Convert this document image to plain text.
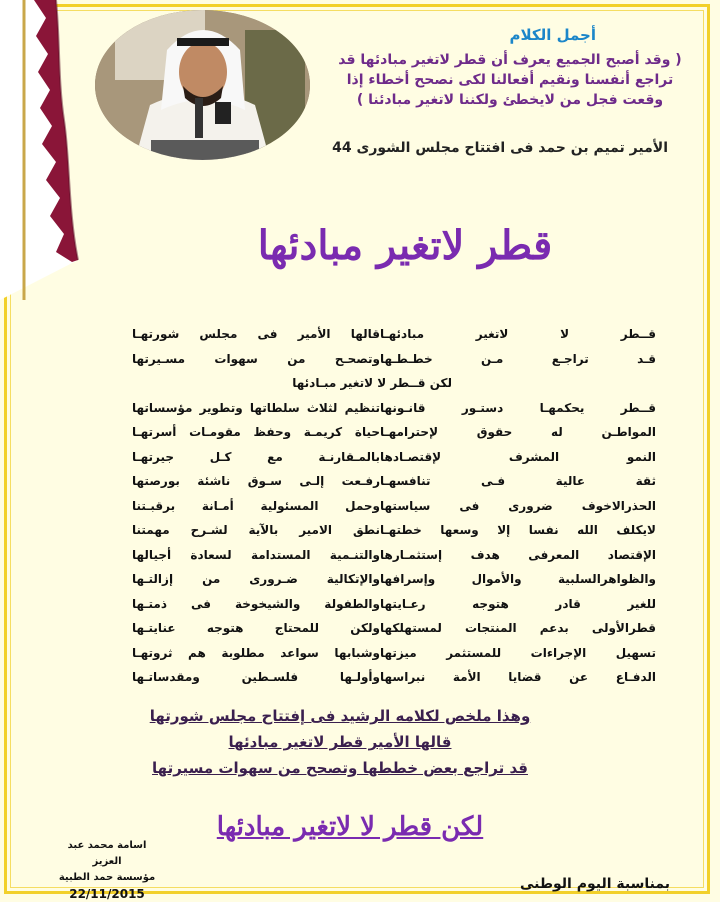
أجمل الكلام
( وقد أصبح الجميع يعرف أن قطر لاتغير مبادئها قد تراجع أنفسنا ونقيم أفعالنا لكى نصحح أخطاء إذا وقعت فجل من لايخطئ ولكننا لاتغير مبادئنا )
الأمير تميم بن حمد فى افتتاح مجلس الشورى 44
قطر لاتغير مبادئها
قــطر لا لاتغير مبادئهـا
قالها الأمير فى مجلس شورتهـا
قـد تراجـع مـن خطـطـها
وتصحـح من سهوات مسـيرتها
لكن قــطر لا لاتغير مبـادئها
قــطر يحكمهـا دستـور قانـونها
تنظيم لثلاث سلطاتها وتطوير مؤسساتها
المواطـن له حقوق لإحترامهـا
حياة كريمـة وحفظ مقومـات أسرتهـا
النمو المشرف لإقتصـادها
بالمـقارنـة مع كـل جيرتهـا
ثقة عالية فـى تنافسهـا
رفـعت إلـى سـوق ناشئة بورصتها
الحذرالاخوف ضرورى فى سياستها
وحمل المسئولية أمـانة برقبـتنا
لايكلف الله نفسا إلا وسعها خطتهـا
نطق الامير بالآية لشـرح مهمتنا
الإقتصاد المعرفى هدف إستثمـارها
والتنـمية المستدامة لسعادة أجيالها
والظواهرالسلبية والأموال وإسرافها
والإتكالية ضـرورى من إزالتـها
للغير قادر هتوجه رعـايتها
والطفولة والشيخوخة فى ذمتـها
قطرالأولى بدعم المنتجات لمستهلكها
ولكن للمحتاج هتوجه عنايتـها
تسهيل الإجراءات للمستثمر ميزتها
وشبابها سواعد مطلوبة هم ثروتهـا
الدفـاع عن قضايا الأمة نبراسها
وأولـها فلسـطين ومقدساتـها
وهذا ملخص لكلامه الرشيد فى إفتتاح مجلس شورتها
قالها الأمير قطر لاتغير مبادئها
قد تراجع بعض خططها وتصحح من سهوات مسيرتها
لكن قطر لا لاتغير مبادئها
اسامة محمد عبد العزيز
مؤسسة حمد الطبية
22/11/2015
بمناسبة اليوم الوطنى
